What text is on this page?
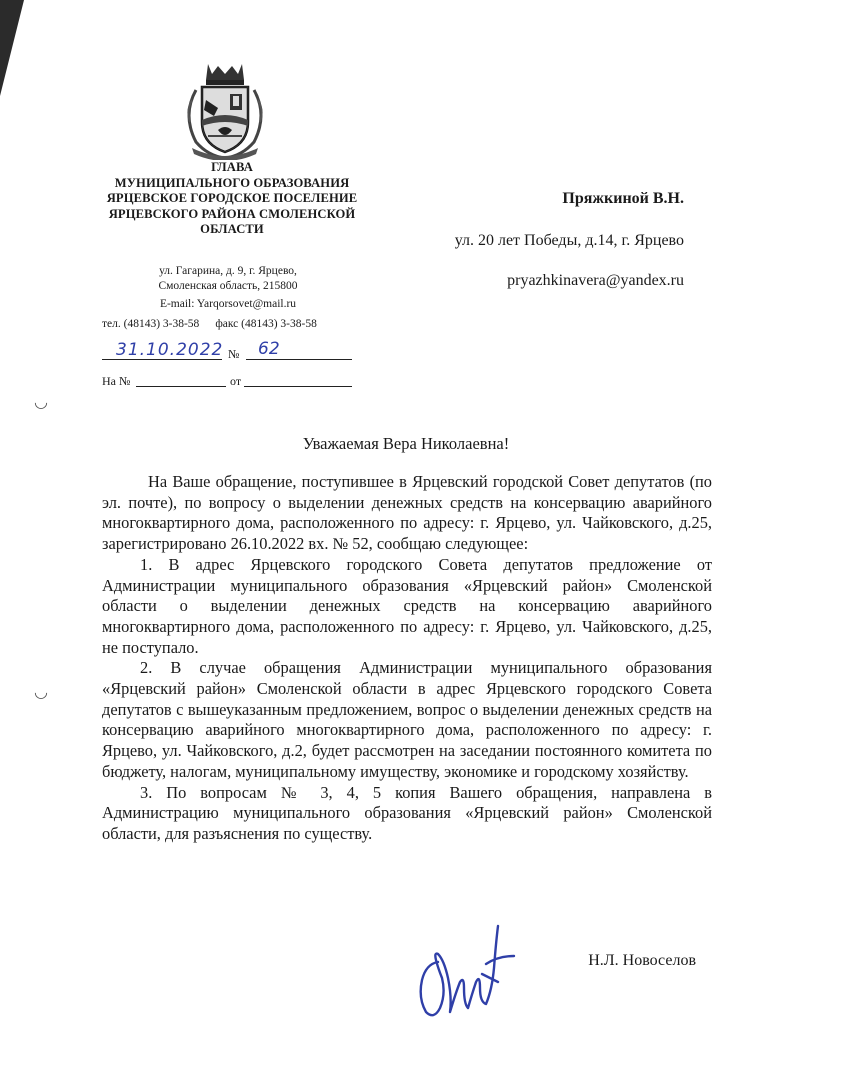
◡
◡
ГЛАВА
МУНИЦИПАЛЬНОГО ОБРАЗОВАНИЯ
ЯРЦЕВСКОЕ ГОРОДСКОЕ ПОСЕЛЕНИЕ
ЯРЦЕВСКОГО РАЙОНА СМОЛЕНСКОЙ
ОБЛАСТИ
ул. Гагарина, д. 9, г. Ярцево,
Смоленская область, 215800
E-mail: Yarqorsovet@mail.ru
тел. (48143) 3-38-58 факс (48143) 3-38-58
31.10.2022 № 62
На №	от
Пряжкиной В.Н.
ул. 20 лет Победы, д.14, г. Ярцево
pryazhkinavera@yandex.ru
Уважаемая Вера Николаевна!

На Ваше обращение, поступившее в Ярцевский городской Совет депутатов (по эл. почте), по вопросу о выделении денежных средств на консервацию аварийного многоквартирного дома, расположенного по адресу: г. Ярцево, ул. Чайковского, д.25, зарегистрировано 26.10.2022 вх. № 52, сообщаю следующее:

1. В адрес Ярцевского городского Совета депутатов предложение от Администрации муниципального образования «Ярцевский район» Смоленской области о выделении денежных средств на консервацию аварийного многоквартирного дома, расположенного по адресу: г. Ярцево, ул. Чайковского, д.25, не поступало.

2. В случае обращения Администрации муниципального образования «Ярцевский район» Смоленской области в адрес Ярцевского городского Совета депутатов с вышеуказанным предложением, вопрос о выделении денежных средств на консервацию аварийного многоквартирного дома, расположенного по адресу: г. Ярцево, ул. Чайковского, д.2, будет рассмотрен на заседании постоянного комитета по бюджету, налогам, муниципальному имуществу, экономике и городскому хозяйству.

3. По вопросам № 3, 4, 5 копия Вашего обращения, направлена в Администрацию муниципального образования «Ярцевский район» Смоленской области, для разъяснения по существу.

Н.Л. Новоселов
